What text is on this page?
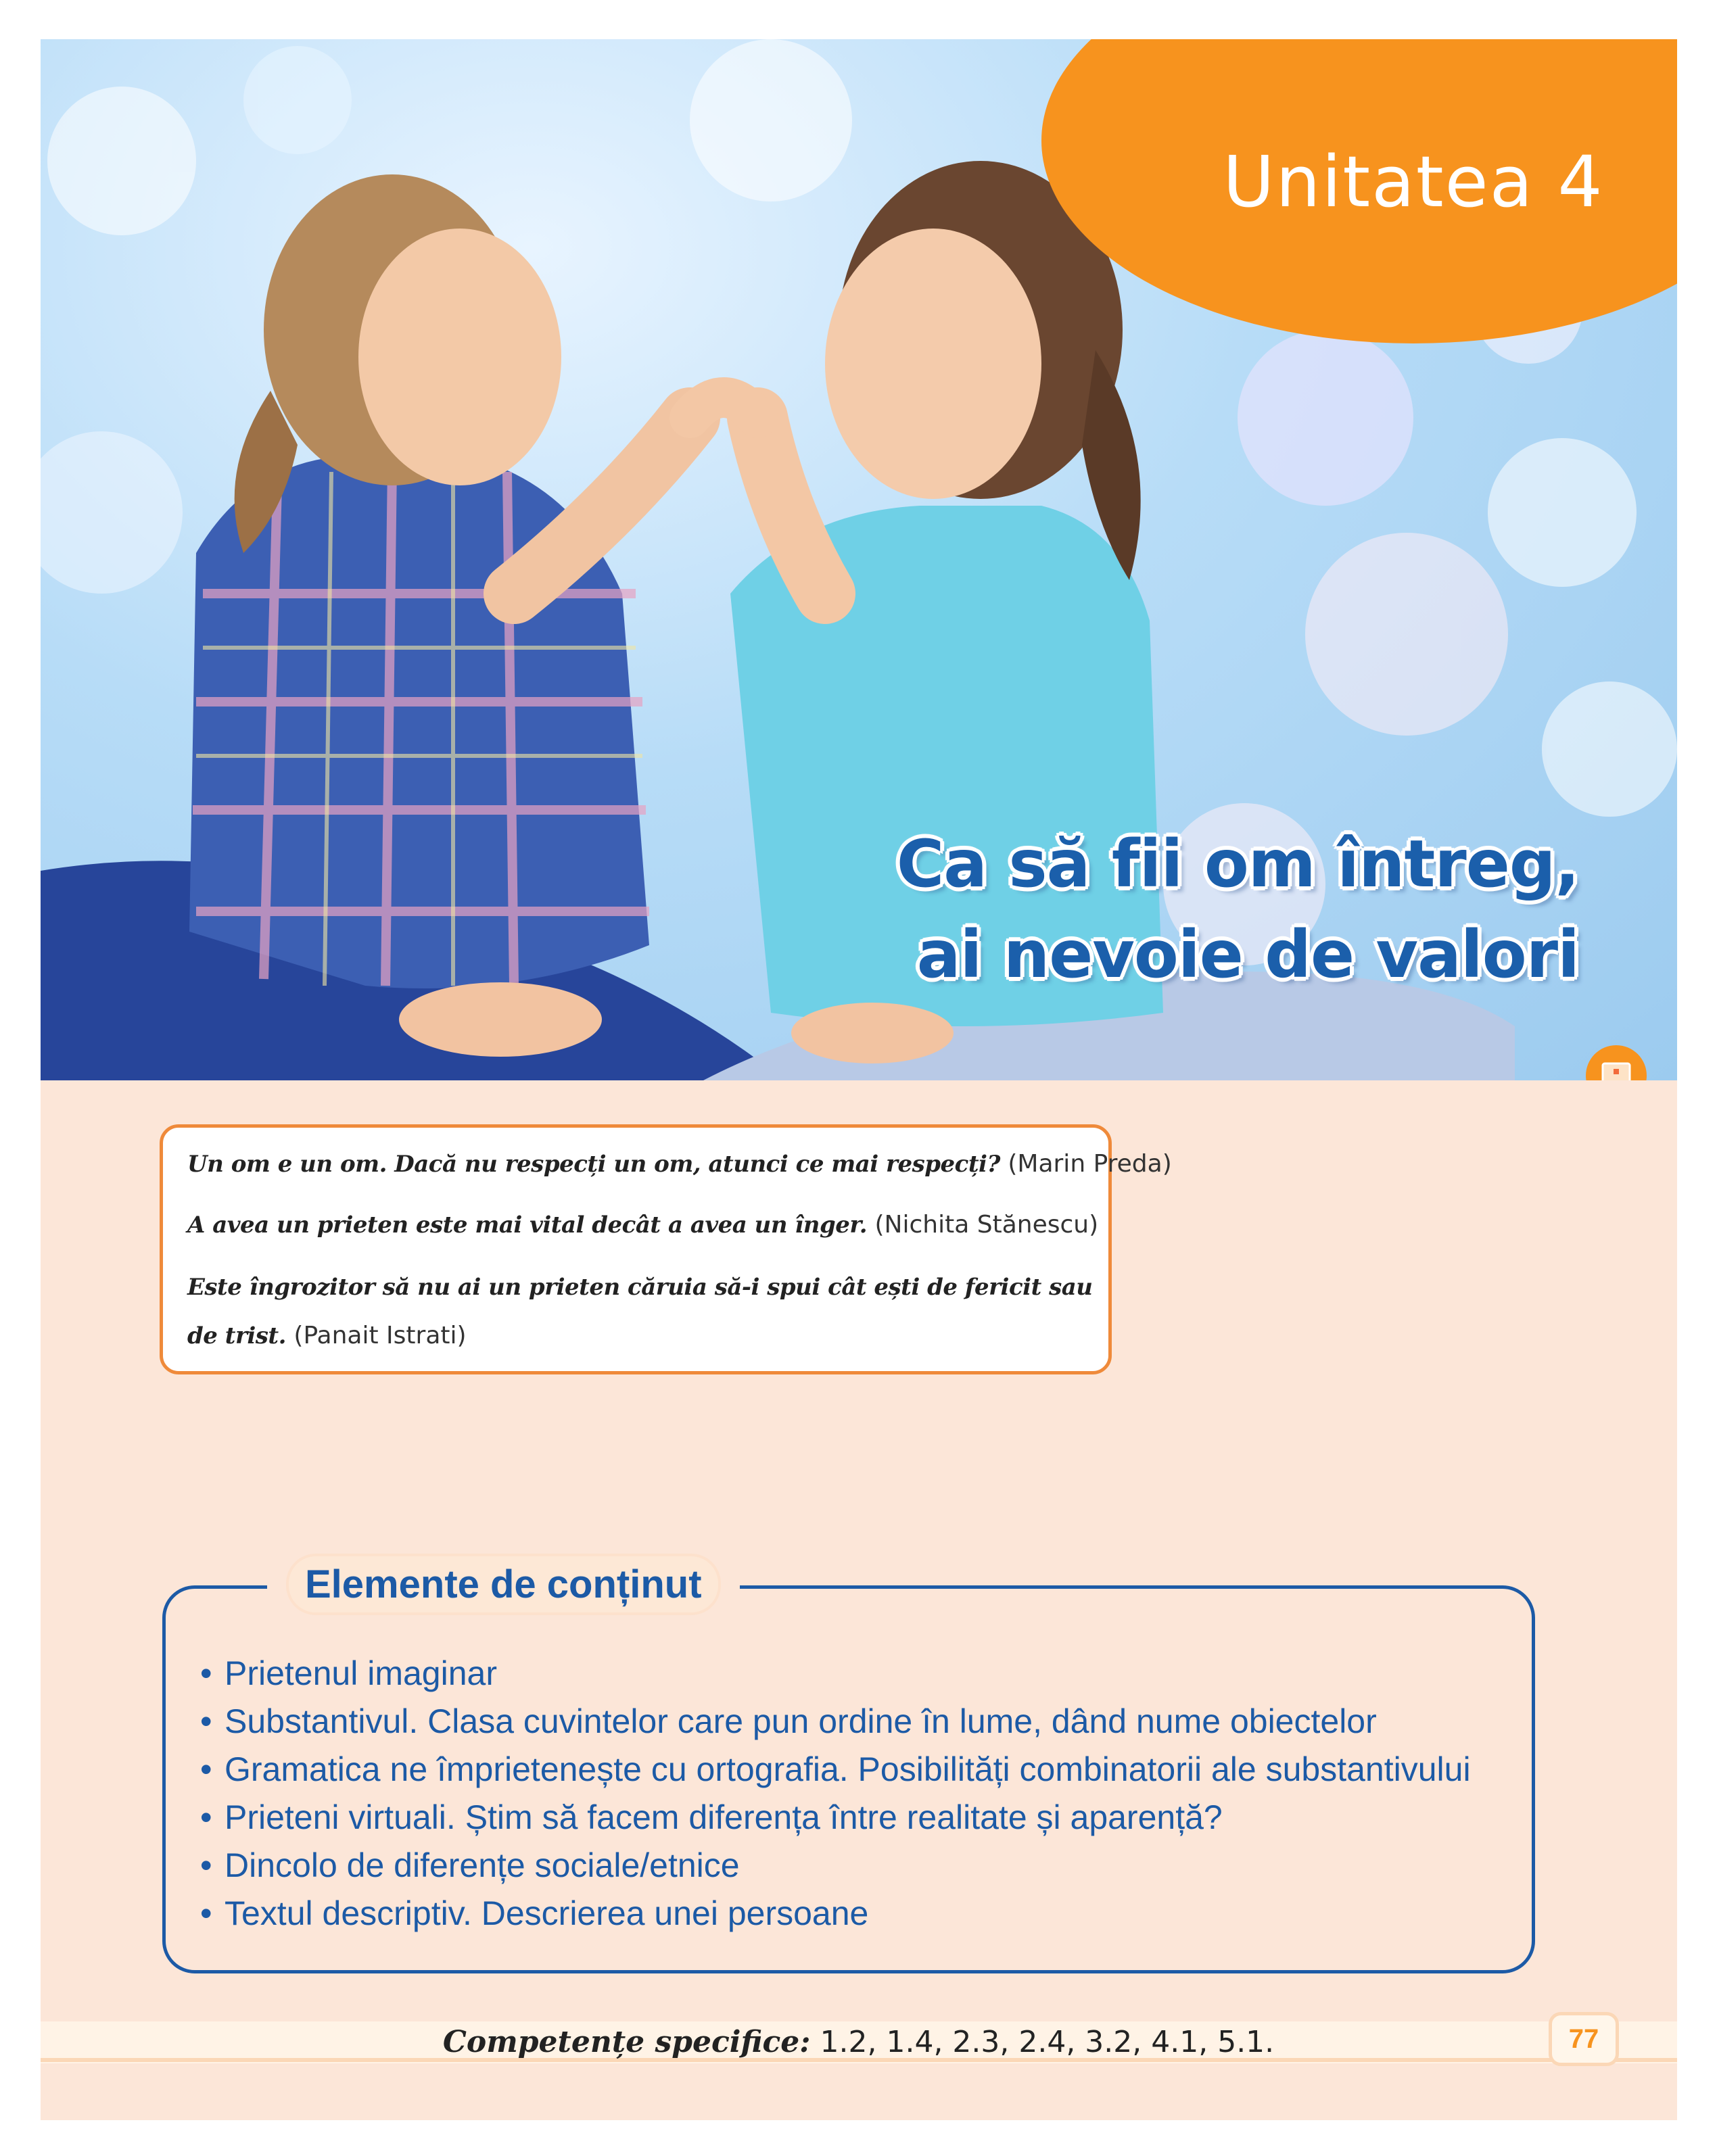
Unitatea 4
Ca să fii om întreg,
ai nevoie de valori
Un om e un om. Dacă nu respecți un om, atunci ce mai respecți? (Marin Preda)
A avea un prieten este mai vital decât a avea un înger. (Nichita Stănescu)
Este îngrozitor să nu ai un prieten căruia să-i spui cât ești de fericit sau
de trist. (Panait Istrati)
Elemente de conținut
• Prietenul imaginar
• Substantivul. Clasa cuvintelor care pun ordine în lume, dând nume obiectelor
• Gramatica ne împrietenește cu ortografia. Posibilități combinatorii ale substantivului
• Prieteni virtuali. Știm să facem diferența între realitate și aparență?
• Dincolo de diferențe sociale/etnice
• Textul descriptiv. Descrierea unei persoane
Competențe specifice: 1.2, 1.4, 2.3, 2.4, 3.2, 4.1, 5.1.	77
